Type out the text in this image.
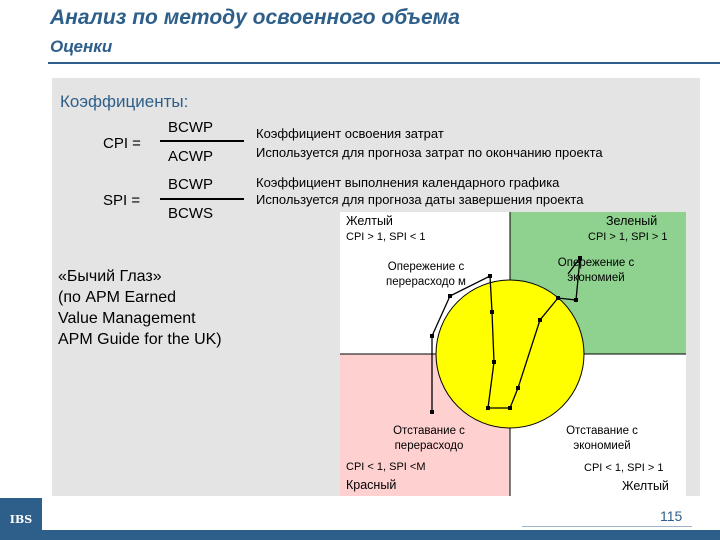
Анализ по методу освоенного объема
Оценки
Коэффициенты:
CPI =
BCWP
ACWP
Коэффициент освоения затрат
Используется для прогноза затрат по окончанию проекта
SPI =
BCWP
BCWS
Коэффициент выполнения календарного графика
Используется для прогноза даты завершения проекта
«Бычий Глаз»
(по APM Earned
Value Management
APM Guide for the UK)
Желтый
CPI > 1, SPI < 1
Опережение с перерасходо м
Зеленый
CPI > 1, SPI > 1
Опережение с экономией
Отставание с перерасходо
CPI < 1, SPI <М
Красный
Отставание с экономией
CPI < 1, SPI > 1
Желтый
115
IBS
